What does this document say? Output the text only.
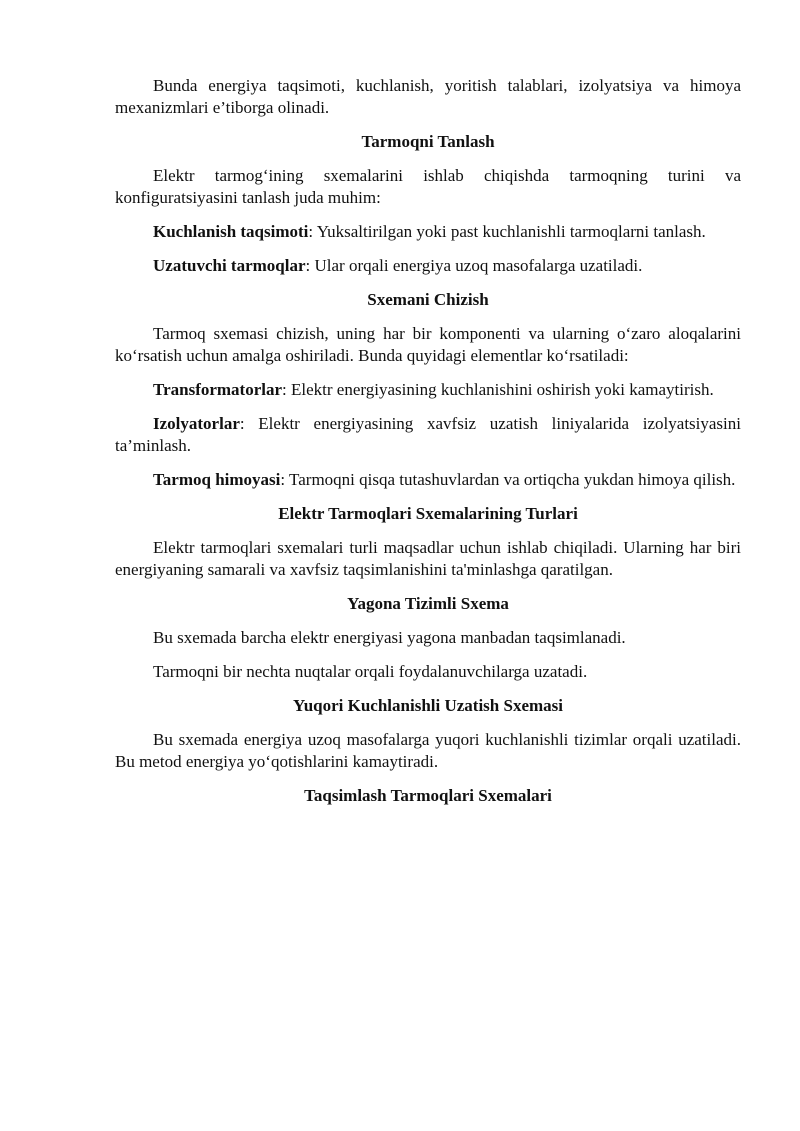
Bunda energiya taqsimoti, kuchlanish, yoritish talablari, izolyatsiya va himoya mexanizmlari e’tiborga olinadi.

Tarmoqni Tanlash

Elektr tarmog‘ining sxemalarini ishlab chiqishda tarmoqning turini va konfiguratsiyasini tanlash juda muhim:

Kuchlanish taqsimoti: Yuksaltirilgan yoki past kuchlanishli tarmoqlarni tanlash.

Uzatuvchi tarmoqlar: Ular orqali energiya uzoq masofalarga uzatiladi.

Sxemani Chizish

Tarmoq sxemasi chizish, uning har bir komponenti va ularning o‘zaro aloqalarini ko‘rsatish uchun amalga oshiriladi. Bunda quyidagi elementlar ko‘rsatiladi:

Transformatorlar: Elektr energiyasining kuchlanishini oshirish yoki kamaytirish.

Izolyatorlar: Elektr energiyasining xavfsiz uzatish liniyalarida izolyatsiyasini ta’minlash.

Tarmoq himoyasi: Tarmoqni qisqa tutashuvlardan va ortiqcha yukdan himoya qilish.

Elektr Tarmoqlari Sxemalarining Turlari

Elektr tarmoqlari sxemalari turli maqsadlar uchun ishlab chiqiladi. Ularning har biri energiyaning samarali va xavfsiz taqsimlanishini ta'minlashga qaratilgan.

Yagona Tizimli Sxema

Bu sxemada barcha elektr energiyasi yagona manbadan taqsimlanadi.

Tarmoqni bir nechta nuqtalar orqali foydalanuvchilarga uzatadi.

Yuqori Kuchlanishli Uzatish Sxemasi

Bu sxemada energiya uzoq masofalarga yuqori kuchlanishli tizimlar orqali uzatiladi. Bu metod energiya yo‘qotishlarini kamaytiradi.

Taqsimlash Tarmoqlari Sxemalari
